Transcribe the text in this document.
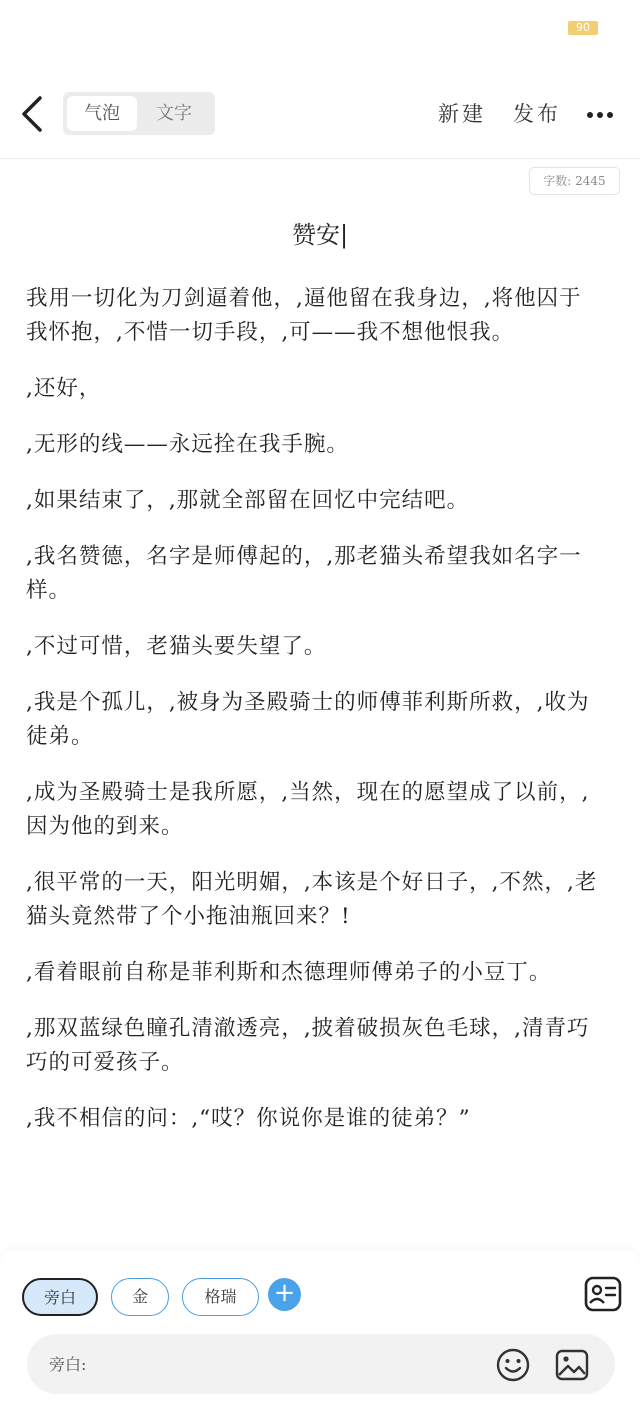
90
气泡	文字	新建 发布
字数: 2445
赞安|

我用一切化为刀剑逼着他，,逼他留在我身边，,将他囚于我怀抱，,不惜一切手段，,可——我不想他恨我。

,还好，

,无形的线——永远拴在我手腕。

,如果结束了，,那就全部留在回忆中完结吧。

,我名赞德，名字是师傅起的，,那老猫头希望我如名字一样。

,不过可惜，老猫头要失望了。

,我是个孤儿，,被身为圣殿骑士的师傅菲利斯所救，,收为徒弟。

,成为圣殿骑士是我所愿，,当然，现在的愿望成了以前，,因为他的到来。

,很平常的一天，阳光明媚，,本该是个好日子，,不然，,老猫头竟然带了个小拖油瓶回来？!

,看着眼前自称是菲利斯和杰德理师傅弟子的小豆丁。

,那双蓝绿色瞳孔清澈透亮，,披着破损灰色毛球，,清青巧巧的可爱孩子。

,我不相信的问：,“哎？你说你是谁的徒弟？”

旁白	金	格瑞	+
旁白:
